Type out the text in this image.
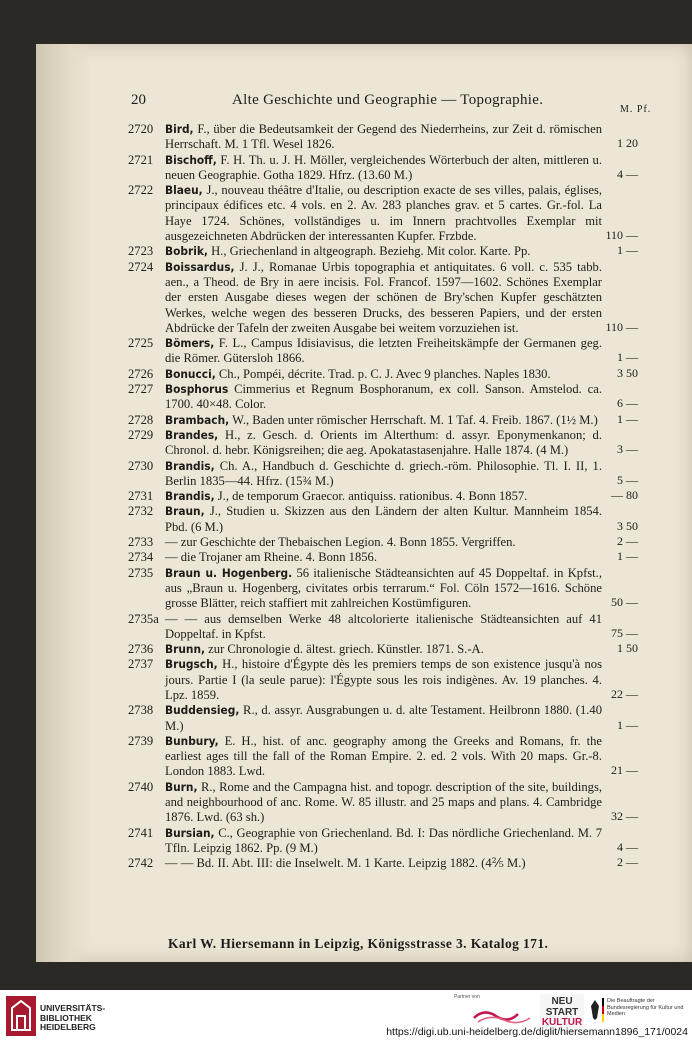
20	Alte Geschichte und Geographie — Topographie.
M. Pf.
2720	Bird, F., über die Bedeutsamkeit der Gegend des Niederrheins, zur Zeit d. römischen Herrschaft. M. 1 Tfl. Wesel 1826.	1 20
2721	Bischoff, F. H. Th. u. J. H. Möller, vergleichendes Wörterbuch der alten, mittleren u. neuen Geographie. Gotha 1829. Hfrz. (13.60 M.)	4 —
2722	Blaeu, J., nouveau théâtre d'Italie, ou description exacte de ses villes, palais, églises, principaux édifices etc. 4 vols. en 2. Av. 283 planches grav. et 5 cartes. Gr.-fol. La Haye 1724. Schönes, vollständiges u. im Innern prachtvolles Exemplar mit ausgezeichneten Abdrücken der interessanten Kupfer. Frzbde.	110 —
2723	Bobrik, H., Griechenland in altgeograph. Beziehg. Mit color. Karte. Pp.	1 —
2724	Boissardus, J. J., Romanae Urbis topographia et antiquitates. 6 voll. c. 535 tabb. aen., a Theod. de Bry in aere incisis. Fol. Francof. 1597—1602. Schönes Exemplar der ersten Ausgabe dieses wegen der schönen de Bry'schen Kupfer geschätzten Werkes, welche wegen des besseren Drucks, des besseren Papiers, und der ersten Abdrücke der Tafeln der zweiten Ausgabe bei weitem vorzuziehen ist.	110 —
2725	Bömers, F. L., Campus Idisiavisus, die letzten Freiheitskämpfe der Germanen geg. die Römer. Gütersloh 1866.	1 —
2726	Bonucci, Ch., Pompéi, décrite. Trad. p. C. J. Avec 9 planches. Naples 1830.	3 50
2727	Bosphorus Cimmerius et Regnum Bosphoranum, ex coll. Sanson. Amstelod. ca. 1700. 40×48. Color.	6 —
2728	Brambach, W., Baden unter römischer Herrschaft. M. 1 Taf. 4. Freib. 1867. (1½ M.)	1 —
2729	Brandes, H., z. Gesch. d. Orients im Alterthum: d. assyr. Eponymenkanon; d. Chronol. d. hebr. Königsreihen; die aeg. Apokatastasenjahre. Halle 1874. (4 M.)	3 —
2730	Brandis, Ch. A., Handbuch d. Geschichte d. griech.-röm. Philosophie. Tl. I. II, 1. Berlin 1835—44. Hfrz. (15¾ M.)	5 —
2731	Brandis, J., de temporum Graecor. antiquiss. rationibus. 4. Bonn 1857.	— 80
2732	Braun, J., Studien u. Skizzen aus den Ländern der alten Kultur. Mannheim 1854. Pbd. (6 M.)	3 50
2733 — zur Geschichte der Thebaischen Legion. 4. Bonn 1855. Vergriffen.	2 —
2734 — die Trojaner am Rheine. 4. Bonn 1856.	1 —
2735	Braun u. Hogenberg. 56 italienische Städteansichten auf 45 Doppeltaf. in Kpfst., aus „Braun u. Hogenberg, civitates orbis terrarum.“ Fol. Cöln 1572—1616. Schöne grosse Blätter, reich staffiert mit zahlreichen Kostümfiguren.	50 —
2735a — — aus demselben Werke 48 altcolorierte italienische Städteansichten auf 41 Doppeltaf. in Kpfst.	75 —
2736	Brunn, zur Chronologie d. ältest. griech. Künstler. 1871. S.-A.	1 50
2737	Brugsch, H., histoire d'Égypte dès les premiers temps de son existence jusqu'à nos jours. Partie I (la seule parue): l'Égypte sous les rois indigènes. Av. 19 planches. 4. Lpz. 1859.	22 —
2738	Buddensieg, R., d. assyr. Ausgrabungen u. d. alte Testament. Heilbronn 1880. (1.40 M.)	1 —
2739	Bunbury, E. H., hist. of anc. geography among the Greeks and Romans, fr. the earliest ages till the fall of the Roman Empire. 2. ed. 2 vols. With 20 maps. Gr.-8. London 1883. Lwd.	21 —
2740	Burn, R., Rome and the Campagna hist. and topogr. description of the site, buildings, and neighbourhood of anc. Rome. W. 85 illustr. and 25 maps and plans. 4. Cambridge 1876. Lwd. (63 sh.)	32 —
2741	Bursian, C., Geographie von Griechenland. Bd. I: Das nördliche Griechenland. M. 7 Tfln. Leipzig 1862. Pp. (9 M.)	4 —
2742 — — Bd. II. Abt. III: die Inselwelt. M. 1 Karte. Leipzig 1882. (4⅖ M.)	2 —
Karl W. Hiersemann in Leipzig, Königsstrasse 3. Katalog 171.
UNIVERSITÄTS-
BIBLIOTHEK
HEIDELBERG
Partner von	NEU
START
KULTUR
Die Beauftragte der Bundesregierung für Kultur und Medien
https://digi.ub.uni-heidelberg.de/diglit/hiersemann1896_171/0024
